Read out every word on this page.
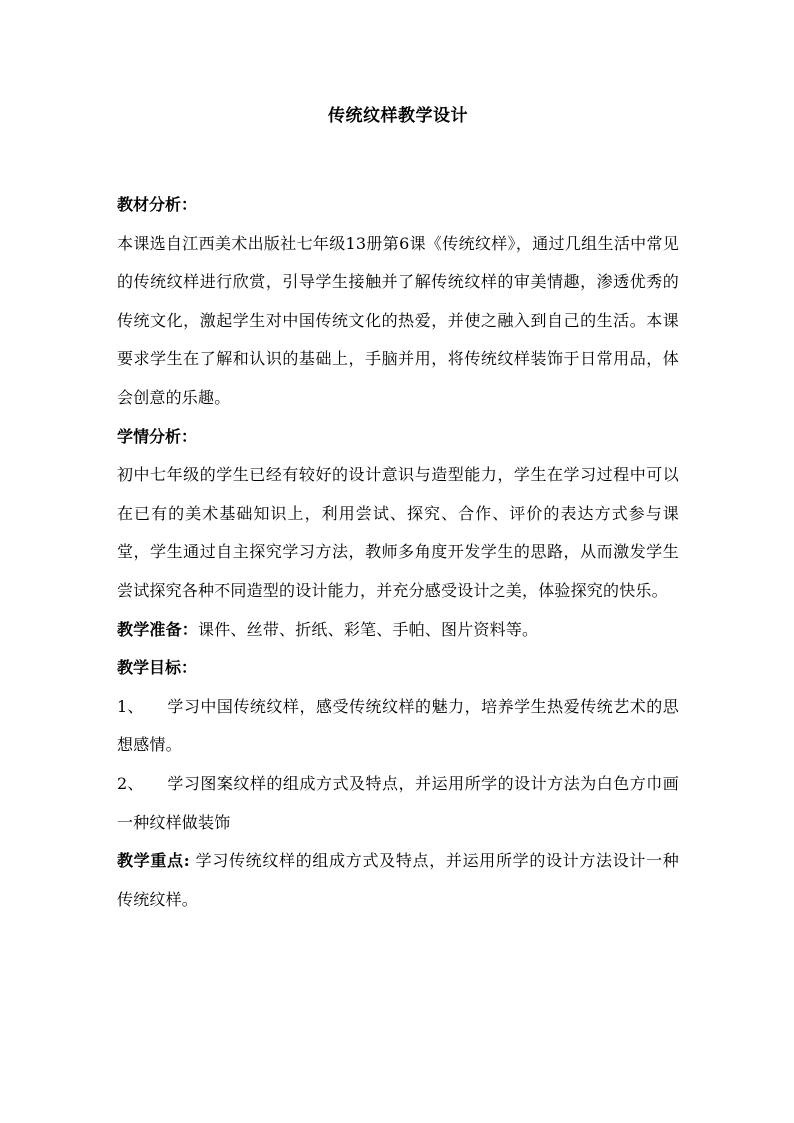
传统纹样教学设计

教材分析：

本课选自江西美术出版社七年级13册第6课《传统纹样》，通过几组生活中常见的传统纹样进行欣赏，引导学生接触并了解传统纹样的审美情趣，渗透优秀的传统文化，激起学生对中国传统文化的热爱，并使之融入到自己的生活。本课要求学生在了解和认识的基础上，手脑并用，将传统纹样装饰于日常用品，体会创意的乐趣。

学情分析：

初中七年级的学生已经有较好的设计意识与造型能力，学生在学习过程中可以在已有的美术基础知识上，利用尝试、探究、合作、评价的表达方式参与课堂，学生通过自主探究学习方法，教师多角度开发学生的思路，从而激发学生尝试探究各种不同造型的设计能力，并充分感受设计之美，体验探究的快乐。

教学准备：课件、丝带、折纸、彩笔、手帕、图片资料等。

教学目标：

1、 学习中国传统纹样，感受传统纹样的魅力，培养学生热爱传统艺术的思想感情。

2、 学习图案纹样的组成方式及特点，并运用所学的设计方法为白色方巾画一种纹样做装饰

教学重点: 学习传统纹样的组成方式及特点，并运用所学的设计方法设计一种传统纹样。
